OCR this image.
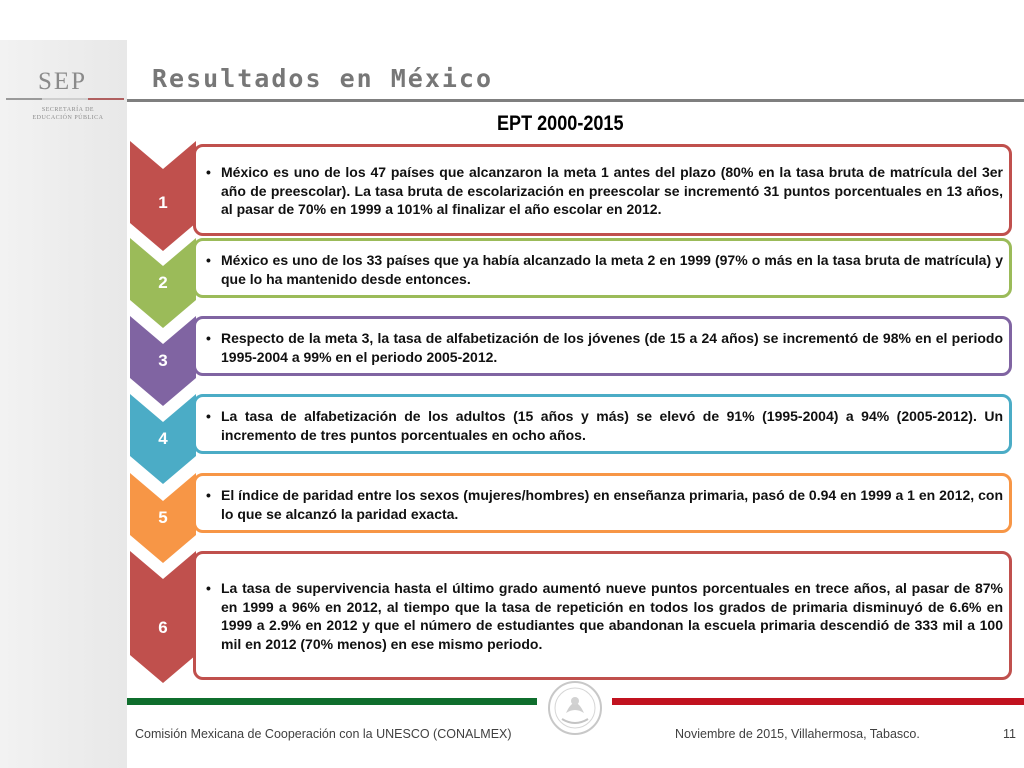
SEP
SECRETARÍA DE EDUCACIÓN PÚBLICA
Resultados en México
EPT 2000-2015
• México es uno de los 47 países que alcanzaron la meta 1 antes del plazo (80% en la tasa bruta de matrícula del 3er año de preescolar). La tasa bruta de escolarización en preescolar se incrementó 31 puntos porcentuales en 13 años, al pasar de 70% en 1999 a 101% al finalizar el año escolar en 2012.
1
• México es uno de los 33 países que ya había alcanzado la meta 2 en 1999 (97% o más en la tasa bruta de matrícula) y que lo ha mantenido desde entonces.
2
• Respecto de la meta 3, la tasa de alfabetización de los jóvenes (de 15 a 24 años) se incrementó de 98% en el periodo 1995-2004 a 99% en el periodo 2005-2012.
3
• La tasa de alfabetización de los adultos (15 años y más) se elevó de 91% (1995-2004) a 94% (2005-2012). Un incremento de tres puntos porcentuales en ocho años.
4
• El índice de paridad entre los sexos (mujeres/hombres) en enseñanza primaria, pasó de 0.94 en 1999 a 1 en 2012, con lo que se alcanzó la paridad exacta.
5
• La tasa de supervivencia hasta el último grado aumentó nueve puntos porcentuales en trece años, al pasar de 87% en 1999 a 96% en 2012, al tiempo que la tasa de repetición en todos los grados de primaria disminuyó de 6.6% en 1999 a 2.9% en 2012 y que el número de estudiantes que abandonan la escuela primaria descendió de 333 mil a 100 mil en 2012 (70% menos) en ese mismo periodo.
6
Comisión Mexicana de Cooperación con la UNESCO (CONALMEX)	Noviembre de 2015, Villahermosa, Tabasco.	11
